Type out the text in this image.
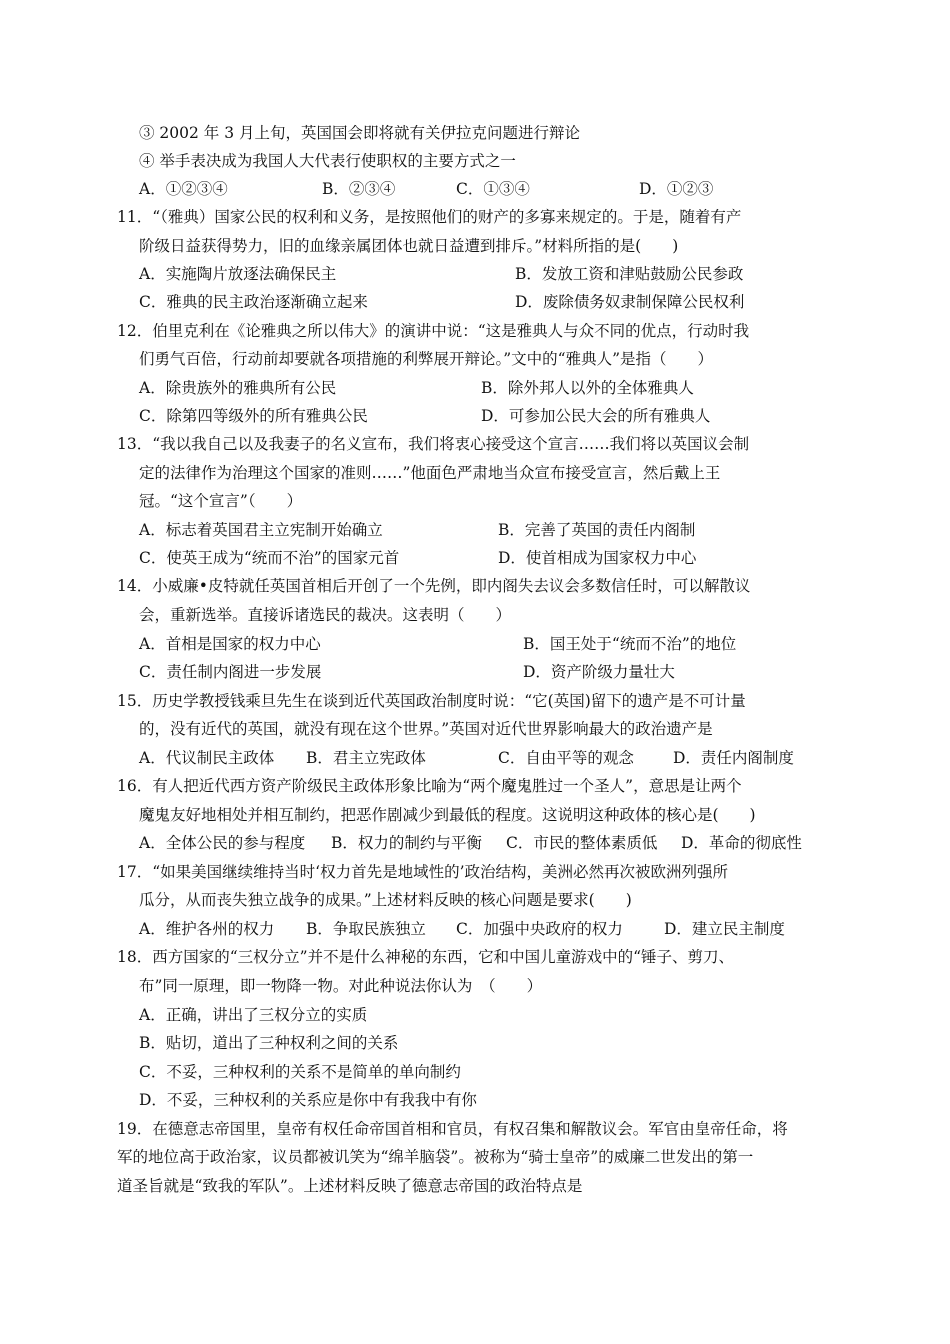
③ 2002 年 3 月上旬，英国国会即将就有关伊拉克问题进行辩论
④ 举手表决成为我国人大代表行使职权的主要方式之一
A．①②③④	B．②③④	C．①③④	D．①②③
11．“（雅典）国家公民的权利和义务，是按照他们的财产的多寡来规定的。于是，随着有产
阶级日益获得势力，旧的血缘亲属团体也就日益遭到排斥。”材料所指的是(　　)
A．实施陶片放逐法确保民主	B．发放工资和津贴鼓励公民参政
C．雅典的民主政治逐渐确立起来	D．废除债务奴隶制保障公民权利
12．伯里克利在《论雅典之所以伟大》的演讲中说：“这是雅典人与众不同的优点，行动时我
们勇气百倍，行动前却要就各项措施的利弊展开辩论。”文中的“雅典人”是指（　　）
A．除贵族外的雅典所有公民	B．除外邦人以外的全体雅典人
C．除第四等级外的所有雅典公民	D．可参加公民大会的所有雅典人
13．“我以我自己以及我妻子的名义宣布，我们将衷心接受这个宣言……我们将以英国议会制
定的法律作为治理这个国家的准则……”他面色严肃地当众宣布接受宣言，然后戴上王
冠。“这个宣言”（　　）
A．标志着英国君主立宪制开始确立	B．完善了英国的责任内阁制
C．使英王成为“统而不治”的国家元首	D．使首相成为国家权力中心
14．小威廉•皮特就任英国首相后开创了一个先例，即内阁失去议会多数信任时，可以解散议
会，重新选举。直接诉诸选民的裁决。这表明（　　）
A．首相是国家的权力中心	B．国王处于“统而不治”的地位
C．责任制内阁进一步发展	D．资产阶级力量壮大
15．历史学教授钱乘旦先生在谈到近代英国政治制度时说：“它(英国)留下的遗产是不可计量
的，没有近代的英国，就没有现在这个世界。”英国对近代世界影响最大的政治遗产是
A．代议制民主政体 B．君主立宪政体	C．自由平等的观念	D．责任内阁制度
16．有人把近代西方资产阶级民主政体形象比喻为“两个魔鬼胜过一个圣人”，意思是让两个
魔鬼友好地相处并相互制约，把恶作剧减少到最低的程度。这说明这种政体的核心是(　　)
A．全体公民的参与程度 B．权力的制约与平衡 C．市民的整体素质低 D．革命的彻底性
17．“如果美国继续维持当时‘权力首先是地域性的’政治结构，美洲必然再次被欧洲列强所
瓜分，从而丧失独立战争的成果。”上述材料反映的核心问题是要求(　　)
A．维护各州的权力 B．争取民族独立 C．加强中央政府的权力	D．建立民主制度
18．西方国家的“三权分立”并不是什么神秘的东西，它和中国儿童游戏中的“锤子、剪刀、
布”同一原理，即一物降一物。对此种说法你认为　（　　）
A．正确，讲出了三权分立的实质
B．贴切，道出了三种权利之间的关系
C．不妥，三种权利的关系不是简单的单向制约
D．不妥，三种权利的关系应是你中有我我中有你
19．在德意志帝国里，皇帝有权任命帝国首相和官员，有权召集和解散议会。军官由皇帝任命，将
军的地位高于政治家，议员都被讥笑为“绵羊脑袋”。被称为“骑士皇帝”的威廉二世发出的第一
道圣旨就是“致我的军队”。上述材料反映了德意志帝国的政治特点是
